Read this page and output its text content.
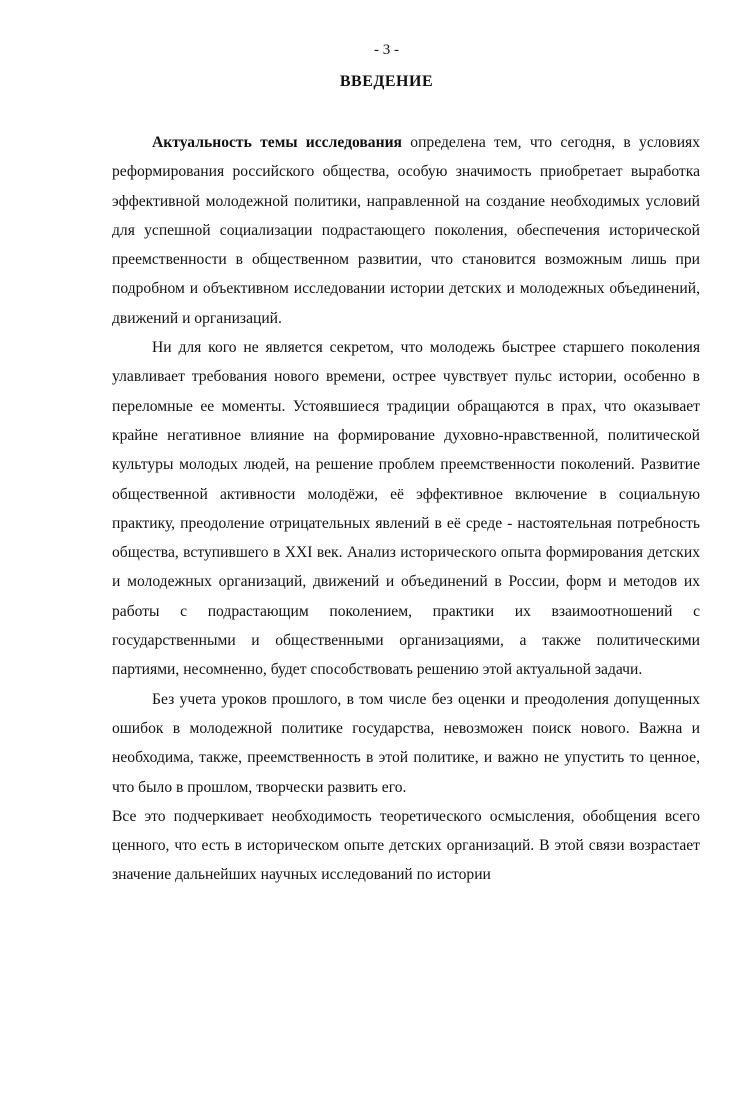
- 3 -
ВВЕДЕНИЕ

Актуальность темы исследования определена тем, что сегодня, в условиях реформирования российского общества, особую значимость приобретает выработка эффективной молодежной политики, направленной на создание необходимых условий для успешной социализации подрастающего поколения, обеспечения исторической преемственности в общественном развитии, что становится возможным лишь при подробном и объективном исследовании истории детских и молодежных объединений, движений и организаций.

Ни для кого не является секретом, что молодежь быстрее старшего поколения улавливает требования нового времени, острее чувствует пульс истории, особенно в переломные ее моменты. Устоявшиеся традиции обращаются в прах, что оказывает крайне негативное влияние на формирование духовно-нравственной, политической культуры молодых людей, на решение проблем преемственности поколений. Развитие общественной активности молодёжи, её эффективное включение в социальную практику, преодоление отрицательных явлений в её среде - настоятельная потребность общества, вступившего в XXI век. Анализ исторического опыта формирования детских и молодежных организаций, движений и объединений в России, форм и методов их работы с подрастающим поколением, практики их взаимоотношений с государственными и общественными организациями, а также политическими партиями, несомненно, будет способствовать решению этой актуальной задачи.

Без учета уроков прошлого, в том числе без оценки и преодоления допущенных ошибок в молодежной политике государства, невозможен поиск нового. Важна и необходима, также, преемственность в этой политике, и важно не упустить то ценное, что было в прошлом, творчески развить его.

Все это подчеркивает необходимость теоретического осмысления, обобщения всего ценного, что есть в историческом опыте детских организаций. В этой связи возрастает значение дальнейших научных исследований по истории
